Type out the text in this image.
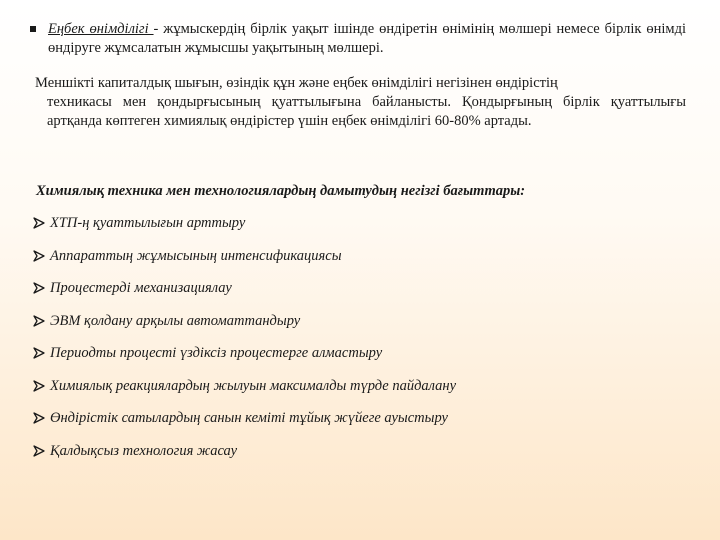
Еңбек өнімділігі - жұмыскердің бірлік уақыт ішінде өндіретін өнімінің мөлшері немесе бірлік өнімді өндіруге жұмсалатын жұмысшы уақытының мөлшері.
Меншікті капиталдық шығын, өзіндік құн және еңбек өнімділігі негізінен өндірістің
техникасы мен қондырғысының қуаттылығына байланысты. Қондырғының бірлік қуаттылығы артқанда көптеген химиялық өндірістер үшін еңбек өнімділігі 60-80% артады.
Химиялық техника мен технологиялардың дамытудың негізгі бағыттары:
ХТП-ң қуаттылығын арттыру
Аппараттың жұмысының интенсификациясы
Процестерді механизациялау
ЭВМ қолдану арқылы автоматтандыру
Периодты процесті үздіксіз процестерге алмастыру
Химиялық реакциялардың жылуын максималды түрде пайдалану
Өндірістік сатылардың санын кеміті тұйық жүйеге ауыстыру
Қалдықсыз технология жасау
